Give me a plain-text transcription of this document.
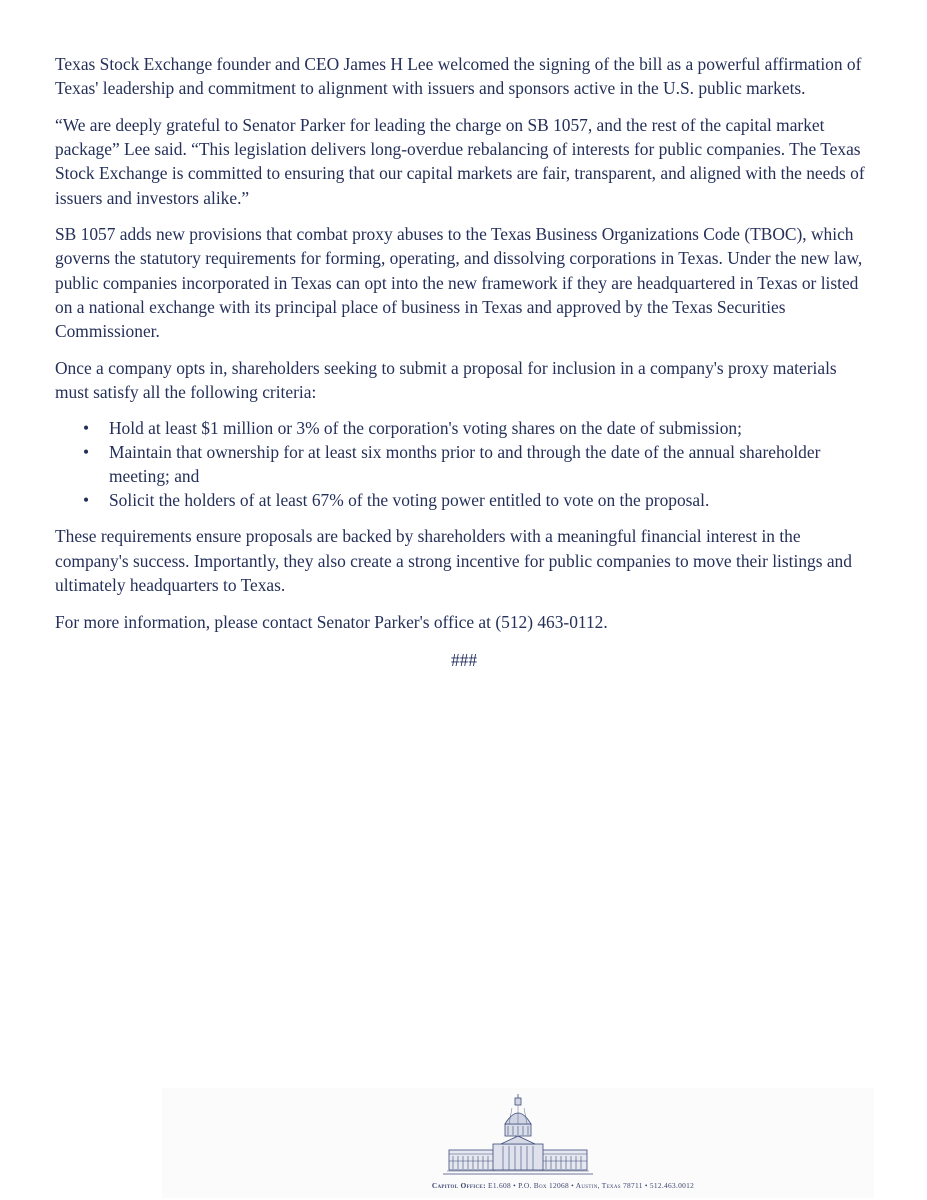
Texas Stock Exchange founder and CEO James H Lee welcomed the signing of the bill as a powerful affirmation of Texas' leadership and commitment to alignment with issuers and sponsors active in the U.S. public markets.

“We are deeply grateful to Senator Parker for leading the charge on SB 1057, and the rest of the capital market package” Lee said. “This legislation delivers long-overdue rebalancing of interests for public companies. The Texas Stock Exchange is committed to ensuring that our capital markets are fair, transparent, and aligned with the needs of issuers and investors alike.”

SB 1057 adds new provisions that combat proxy abuses to the Texas Business Organizations Code (TBOC), which governs the statutory requirements for forming, operating, and dissolving corporations in Texas. Under the new law, public companies incorporated in Texas can opt into the new framework if they are headquartered in Texas or listed on a national exchange with its principal place of business in Texas and approved by the Texas Securities Commissioner.

Once a company opts in, shareholders seeking to submit a proposal for inclusion in a company's proxy materials must satisfy all the following criteria:

• Hold at least $1 million or 3% of the corporation's voting shares on the date of submission;
• Maintain that ownership for at least six months prior to and through the date of the annual shareholder meeting; and
• Solicit the holders of at least 67% of the voting power entitled to vote on the proposal.

These requirements ensure proposals are backed by shareholders with a meaningful financial interest in the company's success. Importantly, they also create a strong incentive for public companies to move their listings and ultimately headquarters to Texas.

For more information, please contact Senator Parker's office at (512) 463-0112.

###
Capitol Office: E1.608 • P.O. Box 12068 • Austin, Texas 78711 • 512.463.0012
